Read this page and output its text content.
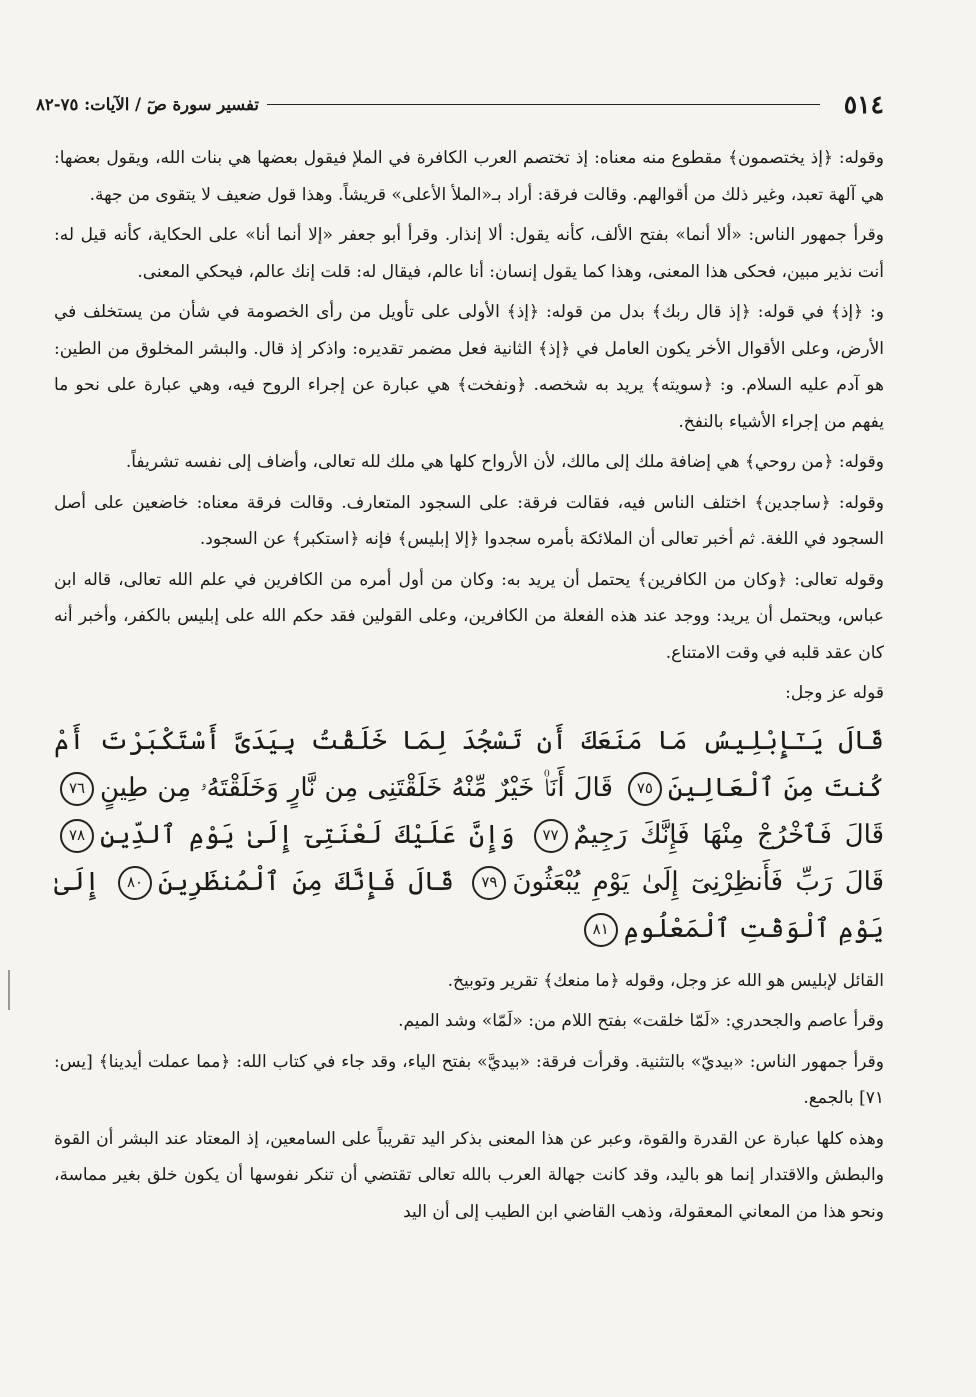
٥١٤
تفسير سورة صٓ / الآيات: ٧٥-٨٢

وقوله: ﴿إذ يختصمون﴾ مقطوع منه معناه: إذ تختصم العرب الكافرة في الملإ فيقول بعضها هي بنات الله، ويقول بعضها: هي آلهة تعبد، وغير ذلك من أقوالهم. وقالت فرقة: أراد بـ«الملأ الأعلى» قريشاً. وهذا قول ضعيف لا يتقوى من جهة.

وقرأ جمهور الناس: «ألا أنما» بفتح الألف، كأنه يقول: ألا إنذار. وقرأ أبو جعفر «إلا أنما أنا» على الحكاية، كأنه قيل له: أنت نذير مبين، فحكى هذا المعنى، وهذا كما يقول إنسان: أنا عالم، فيقال له: قلت إنك عالم، فيحكي المعنى.

و: ﴿إذ﴾ في قوله: ﴿إذ قال ربك﴾ بدل من قوله: ﴿إذ﴾ الأولى على تأويل من رأى الخصومة في شأن من يستخلف في الأرض، وعلى الأقوال الأخر يكون العامل في ﴿إذ﴾ الثانية فعل مضمر تقديره: واذكر إذ قال. والبشر المخلوق من الطين: هو آدم عليه السلام. و: ﴿سويته﴾ يريد به شخصه. ﴿ونفخت﴾ هي عبارة عن إجراء الروح فيه، وهي عبارة على نحو ما يفهم من إجراء الأشياء بالنفخ.

وقوله: ﴿من روحي﴾ هي إضافة ملك إلى مالك، لأن الأرواح كلها هي ملك لله تعالى، وأضاف إلى نفسه تشريفاً.

وقوله: ﴿ساجدين﴾ اختلف الناس فيه، فقالت فرقة: على السجود المتعارف. وقالت فرقة معناه: خاضعين على أصل السجود في اللغة. ثم أخبر تعالى أن الملائكة بأمره سجدوا ﴿إلا إبليس﴾ فإنه ﴿استكبر﴾ عن السجود.

وقوله تعالى: ﴿وكان من الكافرين﴾ يحتمل أن يريد به: وكان من أول أمره من الكافرين في علم الله تعالى، قاله ابن عباس، ويحتمل أن يريد: ووجد عند هذه الفعلة من الكافرين، وعلى القولين فقد حكم الله على إبليس بالكفر، وأخبر أنه كان عقد قلبه في وقت الامتناع.

قوله عز وجل:

قَالَ يَـٰٓإِبْلِيسُ مَا مَنَعَكَ أَن تَسْجُدَ لِمَا خَلَقْتُ بِيَدَىَّ أَسْتَكْبَرْتَ أَمْ كُنتَ مِنَ ٱلْعَالِينَ٧٥ قَالَ أَنَا۠ خَيْرٌ مِّنْهُ خَلَقْتَنِى مِن نَّارٍ وَخَلَقْتَهُۥ مِن طِينٍ٧٦ قَالَ فَٱخْرُجْ مِنْهَا فَإِنَّكَ رَجِيمٌ٧٧ وَإِنَّ عَلَيْكَ لَعْنَتِىٓ إِلَىٰ يَوْمِ ٱلدِّينِ٧٨ قَالَ رَبِّ فَأَنظِرْنِىٓ إِلَىٰ يَوْمِ يُبْعَثُونَ٧٩ قَالَ فَإِنَّكَ مِنَ ٱلْمُنظَرِينَ٨٠ إِلَىٰ يَوْمِ ٱلْوَقْتِ ٱلْمَعْلُومِ٨١

القائل لإبليس هو الله عز وجل، وقوله ﴿ما منعك﴾ تقرير وتوبيخ.

وقرأ عاصم والجحدري: «لَمّا خلقت» بفتح اللام من: «لَمّا» وشد الميم.

وقرأ جمهور الناس: «بيديّ» بالتثنية. وقرأت فرقة: «بيديَّ» بفتح الياء، وقد جاء في كتاب الله: ﴿مما عملت أيدينا﴾ [يس: ٧١] بالجمع.

وهذه كلها عبارة عن القدرة والقوة، وعبر عن هذا المعنى بذكر اليد تقريباً على السامعين، إذ المعتاد عند البشر أن القوة والبطش والاقتدار إنما هو باليد، وقد كانت جهالة العرب بالله تعالى تقتضي أن تنكر نفوسها أن يكون خلق بغير مماسة، ونحو هذا من المعاني المعقولة، وذهب القاضي ابن الطيب إلى أن اليد
